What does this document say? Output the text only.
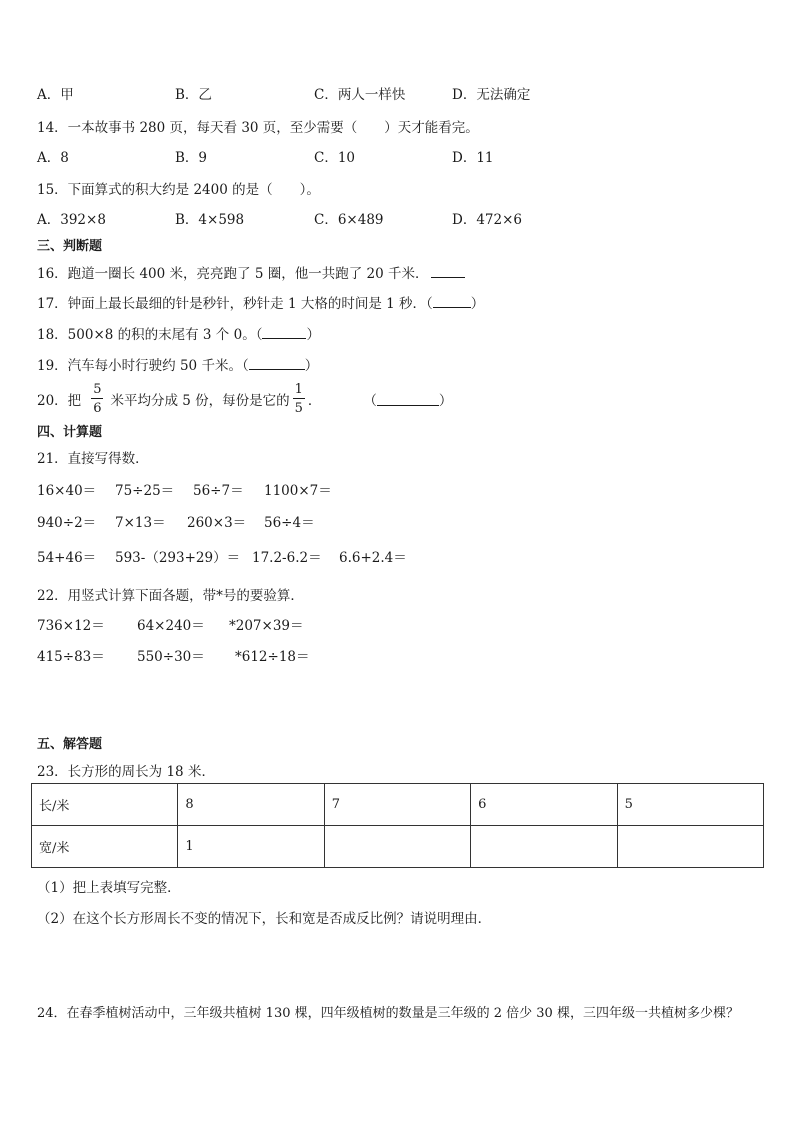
A．甲	B．乙	C．两人一样快	D．无法确定
14．一本故事书 280 页，每天看 30 页，至少需要（　　）天才能看完。
A．8	B．9	C．10	D．11
15．下面算式的积大约是 2400 的是（　　）。
A．392×8	B．4×598	C．6×489	D．472×6
三、判断题
16．跑道一圈长 400 米，亮亮跑了 5 圈，他一共跑了 20 千米．
17．钟面上最长最细的针是秒针，秒针走 1 大格的时间是 1 秒．（	）
18．500×8 的积的末尾有 3 个 0。（	）
19．汽车每小时行驶约 50 千米。（	）
20．把 $\frac{5}{6}$ 米平均分成 5 份，每份是它的 $\frac{1}{5}$ ．	（	）
四、计算题
21．直接写得数．
16×40＝ 75÷25＝ 56÷7＝ 1100×7＝
940÷2＝ 7×13＝ 260×3＝ 56÷4＝
54+46＝ 593-（293+29）＝ 17.2-6.2＝ 6.6+2.4＝
22．用竖式计算下面各题，带*号的要验算．
736×12＝ 64×240＝ *207×39＝
415÷83＝ 550÷30＝ *612÷18＝
五、解答题
23．长方形的周长为 18 米．
长/米	8	7	6	5
宽/米	1			
（1）把上表填写完整．
（2）在这个长方形周长不变的情况下，长和宽是否成反比例？请说明理由．
24．在春季植树活动中，三年级共植树 130 棵，四年级植树的数量是三年级的 2 倍少 30 棵，三四年级一共植树多少棵？
